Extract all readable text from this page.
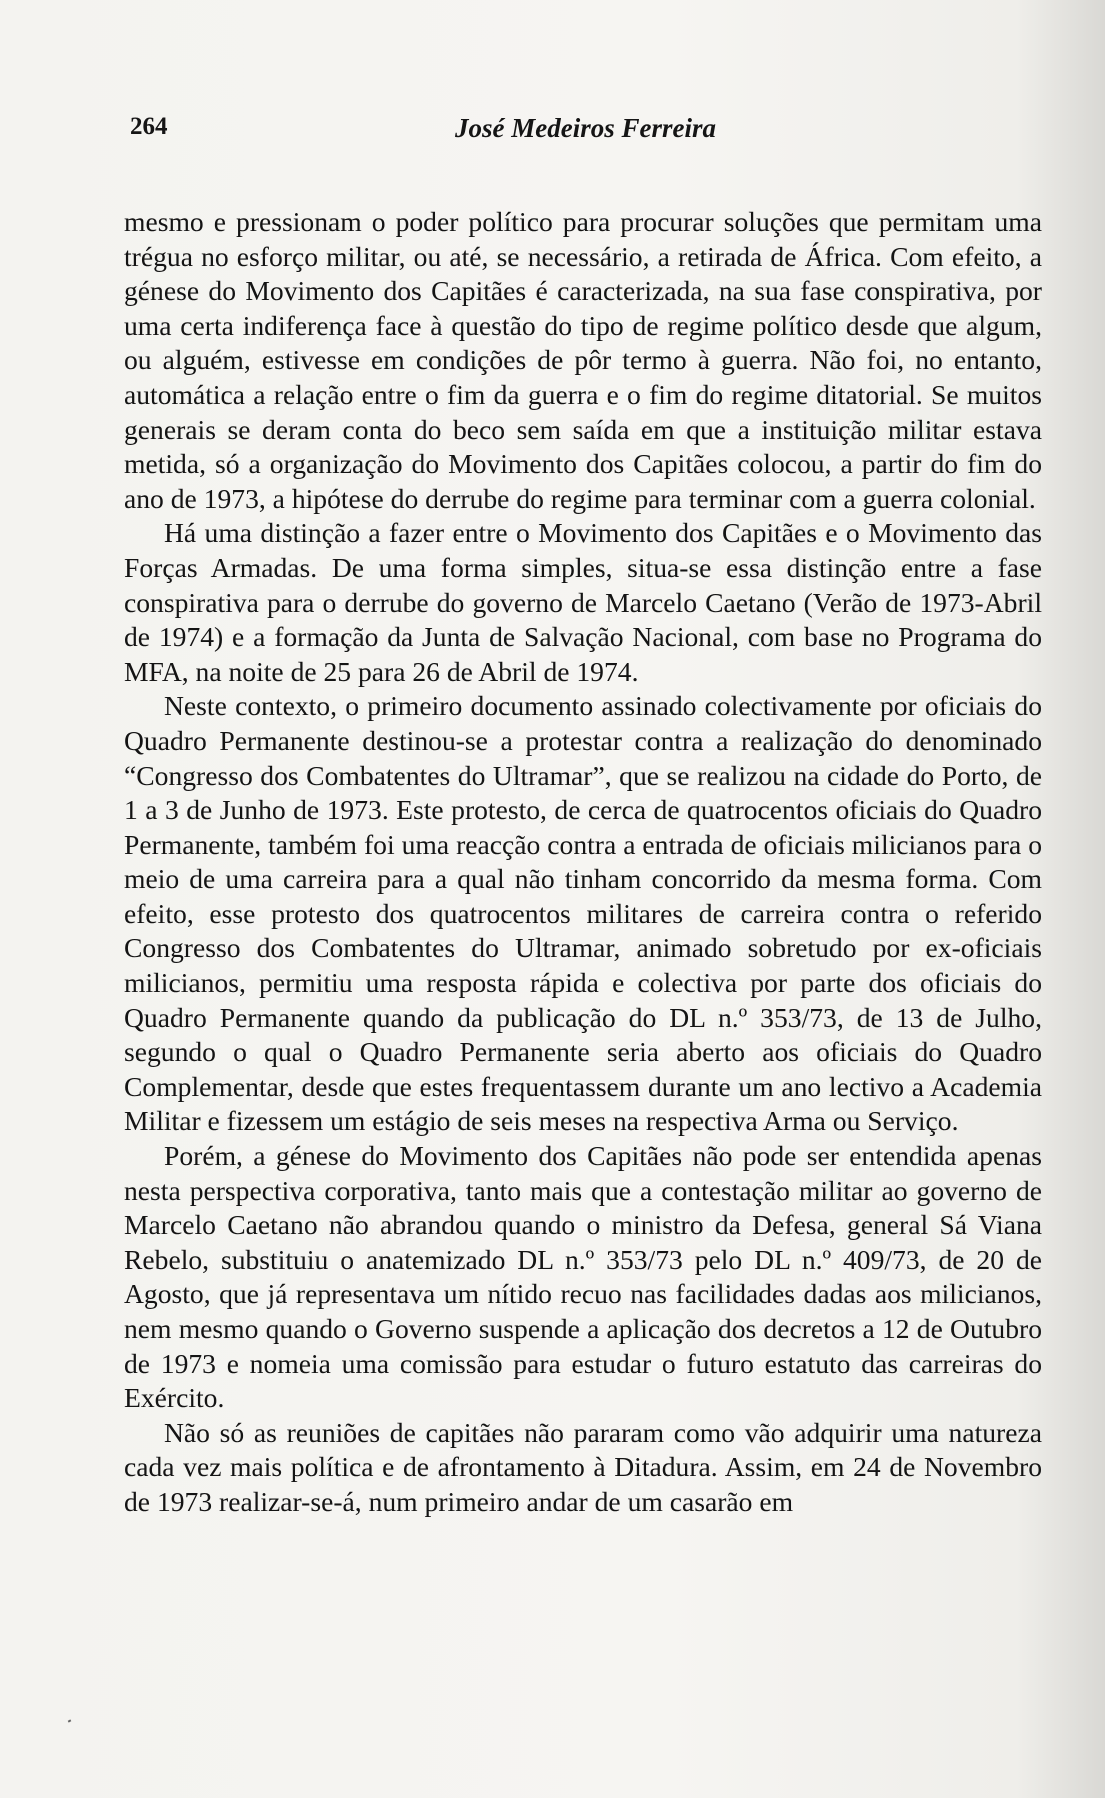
264	José Medeiros Ferreira

mesmo e pressionam o poder político para procurar soluções que permitam uma trégua no esforço militar, ou até, se necessário, a retirada de África. Com efeito, a génese do Movimento dos Capitães é caracterizada, na sua fase conspirativa, por uma certa indiferença face à questão do tipo de regime político desde que algum, ou alguém, estivesse em condições de pôr termo à guerra. Não foi, no entanto, automática a relação entre o fim da guerra e o fim do regime ditatorial. Se muitos generais se deram conta do beco sem saída em que a instituição militar estava metida, só a organização do Movimento dos Capitães colocou, a partir do fim do ano de 1973, a hipótese do derrube do regime para terminar com a guerra colonial.

Há uma distinção a fazer entre o Movimento dos Capitães e o Movimento das Forças Armadas. De uma forma simples, situa-se essa distinção entre a fase conspirativa para o derrube do governo de Marcelo Caetano (Verão de 1973-Abril de 1974) e a formação da Junta de Salvação Nacional, com base no Programa do MFA, na noite de 25 para 26 de Abril de 1974.

Neste contexto, o primeiro documento assinado colectivamente por oficiais do Quadro Permanente destinou-se a protestar contra a realização do denominado “Congresso dos Combatentes do Ultramar”, que se realizou na cidade do Porto, de 1 a 3 de Junho de 1973. Este protesto, de cerca de quatrocentos oficiais do Quadro Permanente, também foi uma reacção contra a entrada de oficiais milicianos para o meio de uma carreira para a qual não tinham concorrido da mesma forma. Com efeito, esse protesto dos quatrocentos militares de carreira contra o referido Congresso dos Combatentes do Ultramar, animado sobretudo por ex-oficiais milicianos, permitiu uma resposta rápida e colectiva por parte dos oficiais do Quadro Permanente quando da publicação do DL n.º 353/73, de 13 de Julho, segundo o qual o Quadro Permanente seria aberto aos oficiais do Quadro Complementar, desde que estes frequentassem durante um ano lectivo a Academia Militar e fizessem um estágio de seis meses na respectiva Arma ou Serviço.

Porém, a génese do Movimento dos Capitães não pode ser entendida apenas nesta perspectiva corporativa, tanto mais que a contestação militar ao governo de Marcelo Caetano não abrandou quando o ministro da Defesa, general Sá Viana Rebelo, substituiu o anatemizado DL n.º 353/73 pelo DL n.º 409/73, de 20 de Agosto, que já representava um nítido recuo nas facilidades dadas aos milicianos, nem mesmo quando o Governo suspende a aplicação dos decretos a 12 de Outubro de 1973 e nomeia uma comissão para estudar o futuro estatuto das carreiras do Exército.

Não só as reuniões de capitães não pararam como vão adquirir uma natureza cada vez mais política e de afrontamento à Ditadura. Assim, em 24 de Novembro de 1973 realizar-se-á, num primeiro andar de um casarão em
